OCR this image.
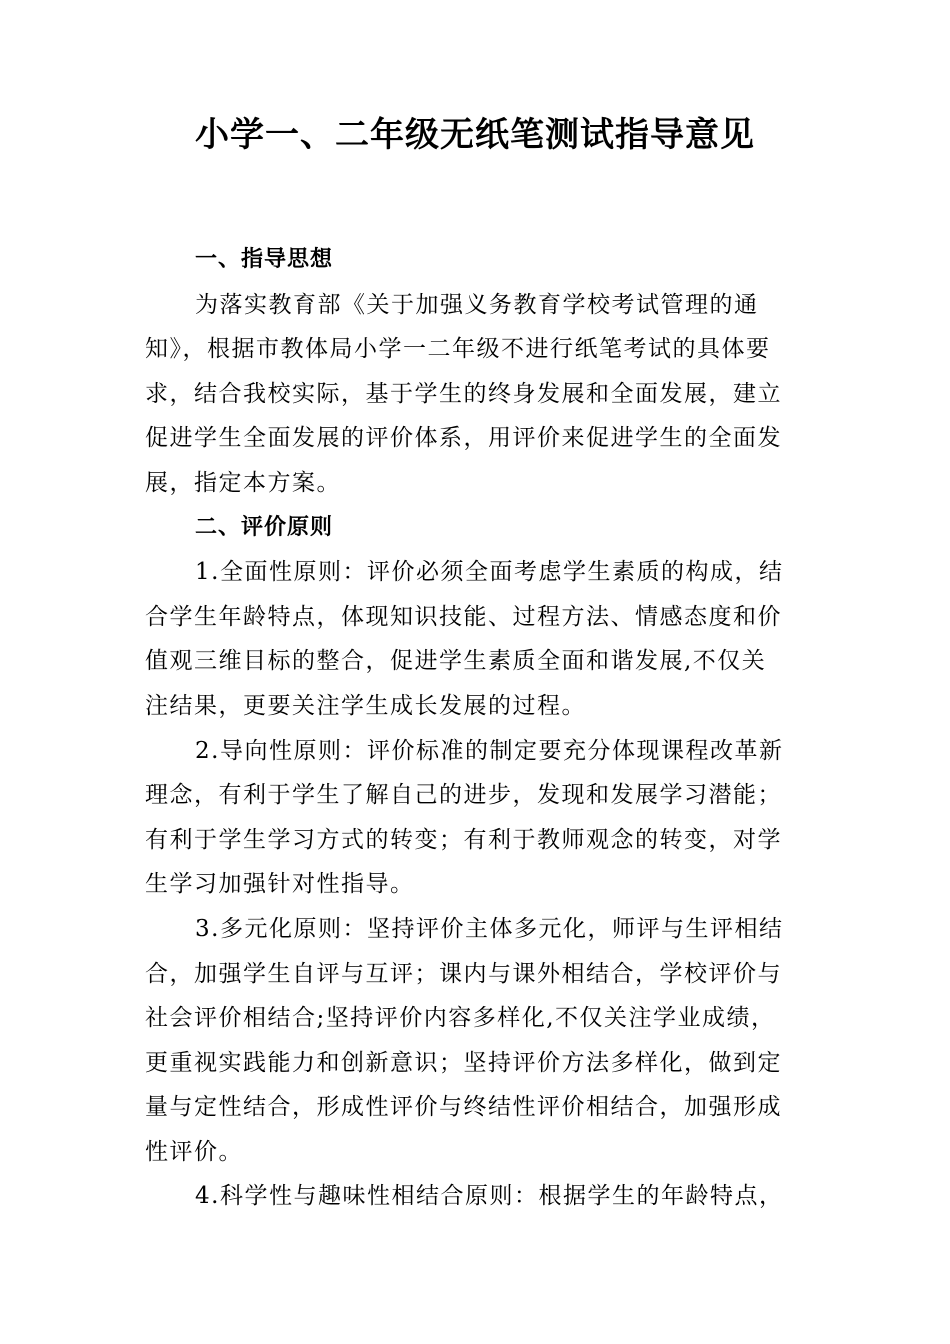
小学一、二年级无纸笔测试指导意见
一、指导思想
为落实教育部《关于加强义务教育学校考试管理的通
知》，根据市教体局小学一二年级不进行纸笔考试的具体要
求，结合我校实际，基于学生的终身发展和全面发展，建立
促进学生全面发展的评价体系，用评价来促进学生的全面发
展，指定本方案。
二、评价原则
1.全面性原则：评价必须全面考虑学生素质的构成，结
合学生年龄特点，体现知识技能、过程方法、情感态度和价
值观三维目标的整合，促进学生素质全面和谐发展,不仅关
注结果，更要关注学生成长发展的过程。
2.导向性原则：评价标准的制定要充分体现课程改革新
理念，有利于学生了解自己的进步，发现和发展学习潜能；
有利于学生学习方式的转变；有利于教师观念的转变，对学
生学习加强针对性指导。
3.多元化原则：坚持评价主体多元化，师评与生评相结
合，加强学生自评与互评；课内与课外相结合，学校评价与
社会评价相结合;坚持评价内容多样化,不仅关注学业成绩，
更重视实践能力和创新意识；坚持评价方法多样化，做到定
量与定性结合，形成性评价与终结性评价相结合，加强形成
性评价。
4.科学性与趣味性相结合原则：根据学生的年龄特点，
